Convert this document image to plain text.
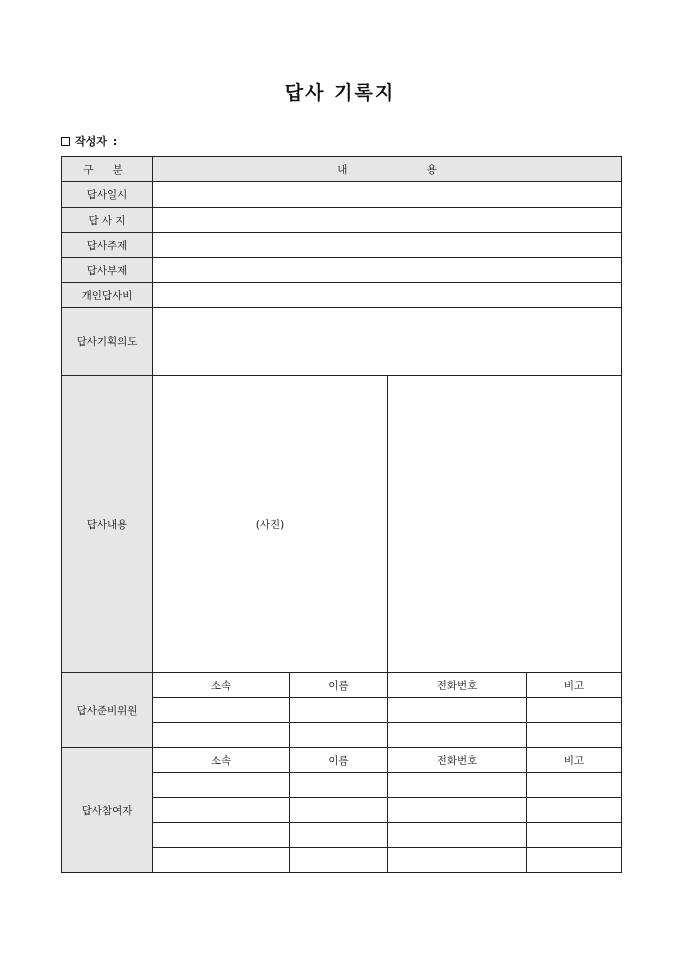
답사 기록지
작성자 :
구 분	내 용			
답사일시				
답 사 지				
답사주제				
답사부제				
개인답사비				
답사기획의도				
답사내용	(사진)			
답사준비위원	소속	이름	전화번호	비고

답사참여자	소속	이름	전화번호	비고
